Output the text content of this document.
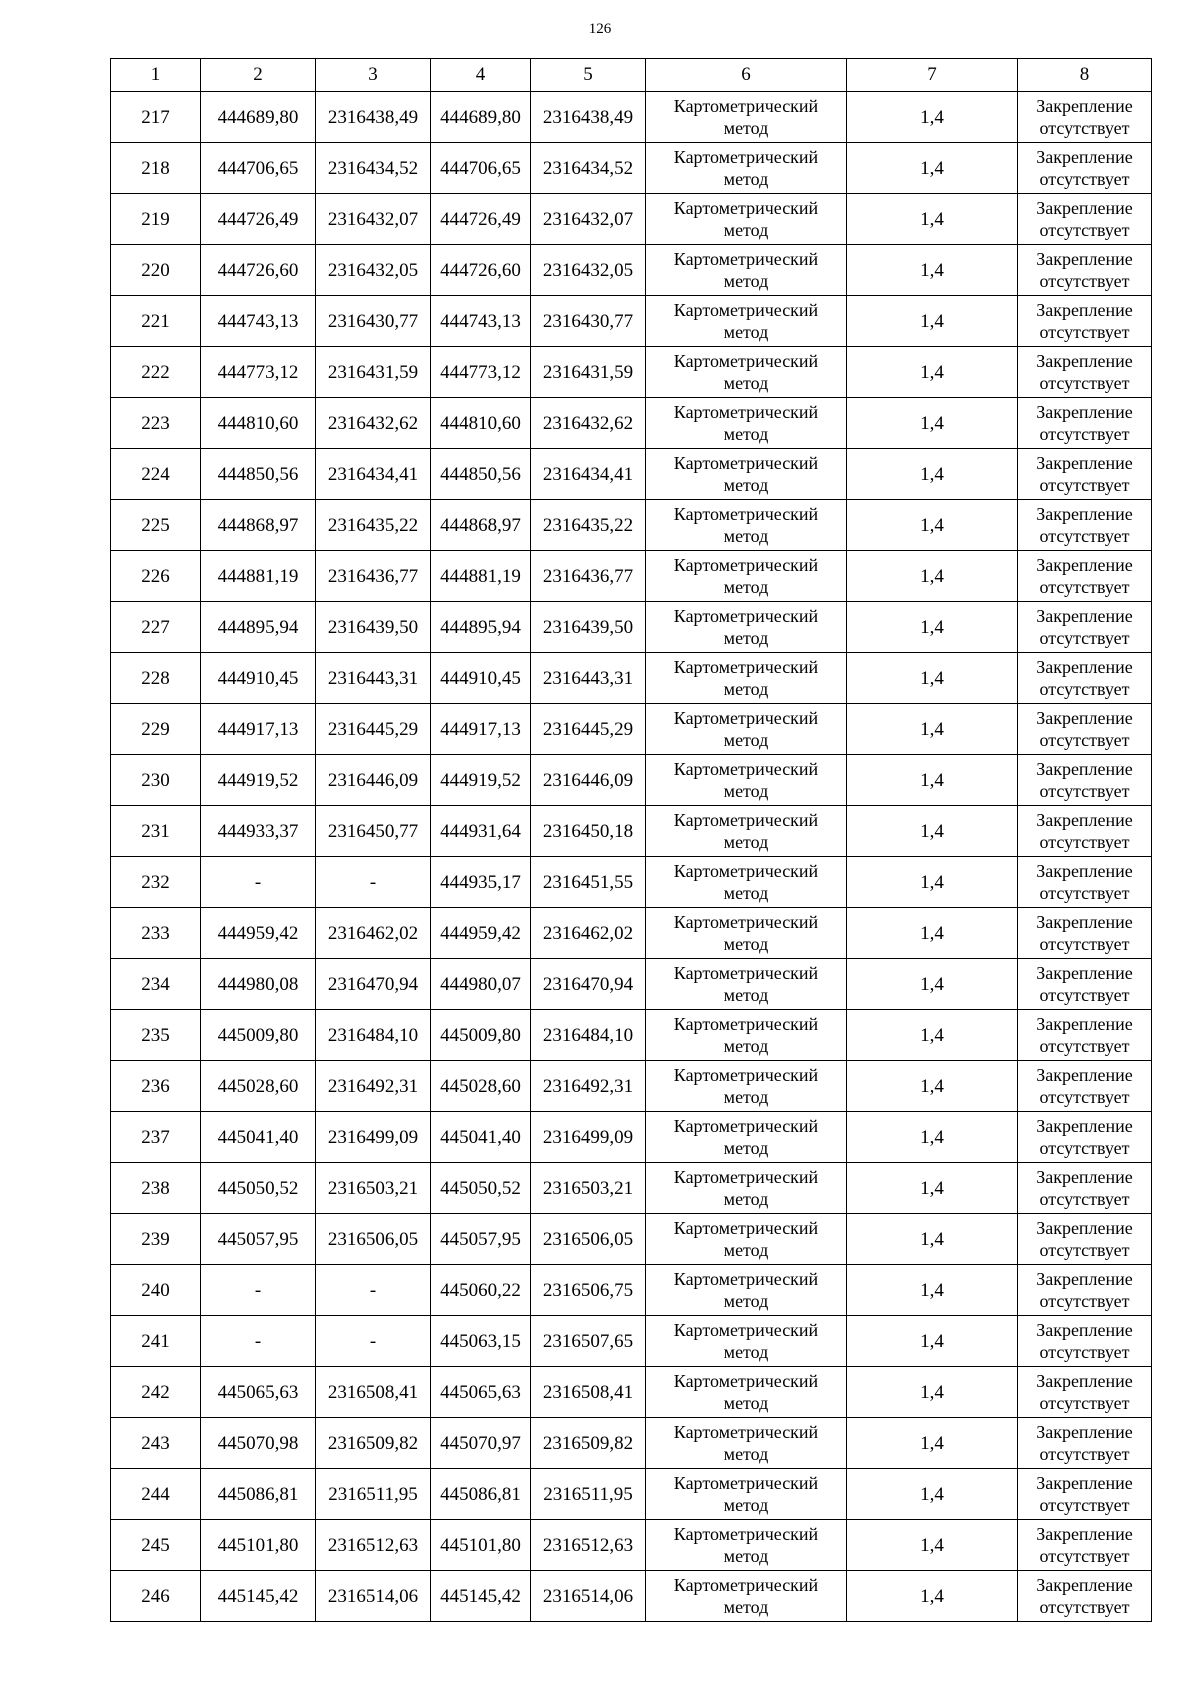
126
1	2	3	4	5	6	7	8
217	444689,80	2316438,49	444689,80	2316438,49	Картометрический
метод	1,4	Закрепление
отсутствует

218	444706,65	2316434,52	444706,65	2316434,52	Картометрический
метод	1,4	Закрепление
отсутствует

219	444726,49	2316432,07	444726,49	2316432,07	Картометрический
метод	1,4	Закрепление
отсутствует

220	444726,60	2316432,05	444726,60	2316432,05	Картометрический
метод	1,4	Закрепление
отсутствует

221	444743,13	2316430,77	444743,13	2316430,77	Картометрический
метод	1,4	Закрепление
отсутствует

222	444773,12	2316431,59	444773,12	2316431,59	Картометрический
метод	1,4	Закрепление
отсутствует

223	444810,60	2316432,62	444810,60	2316432,62	Картометрический
метод	1,4	Закрепление
отсутствует

224	444850,56	2316434,41	444850,56	2316434,41	Картометрический
метод	1,4	Закрепление
отсутствует

225	444868,97	2316435,22	444868,97	2316435,22	Картометрический
метод	1,4	Закрепление
отсутствует

226	444881,19	2316436,77	444881,19	2316436,77	Картометрический
метод	1,4	Закрепление
отсутствует

227	444895,94	2316439,50	444895,94	2316439,50	Картометрический
метод	1,4	Закрепление
отсутствует

228	444910,45	2316443,31	444910,45	2316443,31	Картометрический
метод	1,4	Закрепление
отсутствует

229	444917,13	2316445,29	444917,13	2316445,29	Картометрический
метод	1,4	Закрепление
отсутствует

230	444919,52	2316446,09	444919,52	2316446,09	Картометрический
метод	1,4	Закрепление
отсутствует

231	444933,37	2316450,77	444931,64	2316450,18	Картометрический
метод	1,4	Закрепление
отсутствует

232	-	-	444935,17	2316451,55	Картометрический
метод	1,4	Закрепление
отсутствует

233	444959,42	2316462,02	444959,42	2316462,02	Картометрический
метод	1,4	Закрепление
отсутствует

234	444980,08	2316470,94	444980,07	2316470,94	Картометрический
метод	1,4	Закрепление
отсутствует

235	445009,80	2316484,10	445009,80	2316484,10	Картометрический
метод	1,4	Закрепление
отсутствует

236	445028,60	2316492,31	445028,60	2316492,31	Картометрический
метод	1,4	Закрепление
отсутствует

237	445041,40	2316499,09	445041,40	2316499,09	Картометрический
метод	1,4	Закрепление
отсутствует

238	445050,52	2316503,21	445050,52	2316503,21	Картометрический
метод	1,4	Закрепление
отсутствует

239	445057,95	2316506,05	445057,95	2316506,05	Картометрический
метод	1,4	Закрепление
отсутствует

240	-	-	445060,22	2316506,75	Картометрический
метод	1,4	Закрепление
отсутствует

241	-	-	445063,15	2316507,65	Картометрический
метод	1,4	Закрепление
отсутствует

242	445065,63	2316508,41	445065,63	2316508,41	Картометрический
метод	1,4	Закрепление
отсутствует

243	445070,98	2316509,82	445070,97	2316509,82	Картометрический
метод	1,4	Закрепление
отсутствует

244	445086,81	2316511,95	445086,81	2316511,95	Картометрический
метод	1,4	Закрепление
отсутствует

245	445101,80	2316512,63	445101,80	2316512,63	Картометрический
метод	1,4	Закрепление
отсутствует

246	445145,42	2316514,06	445145,42	2316514,06	Картометрический
метод	1,4	Закрепление
отсутствует
